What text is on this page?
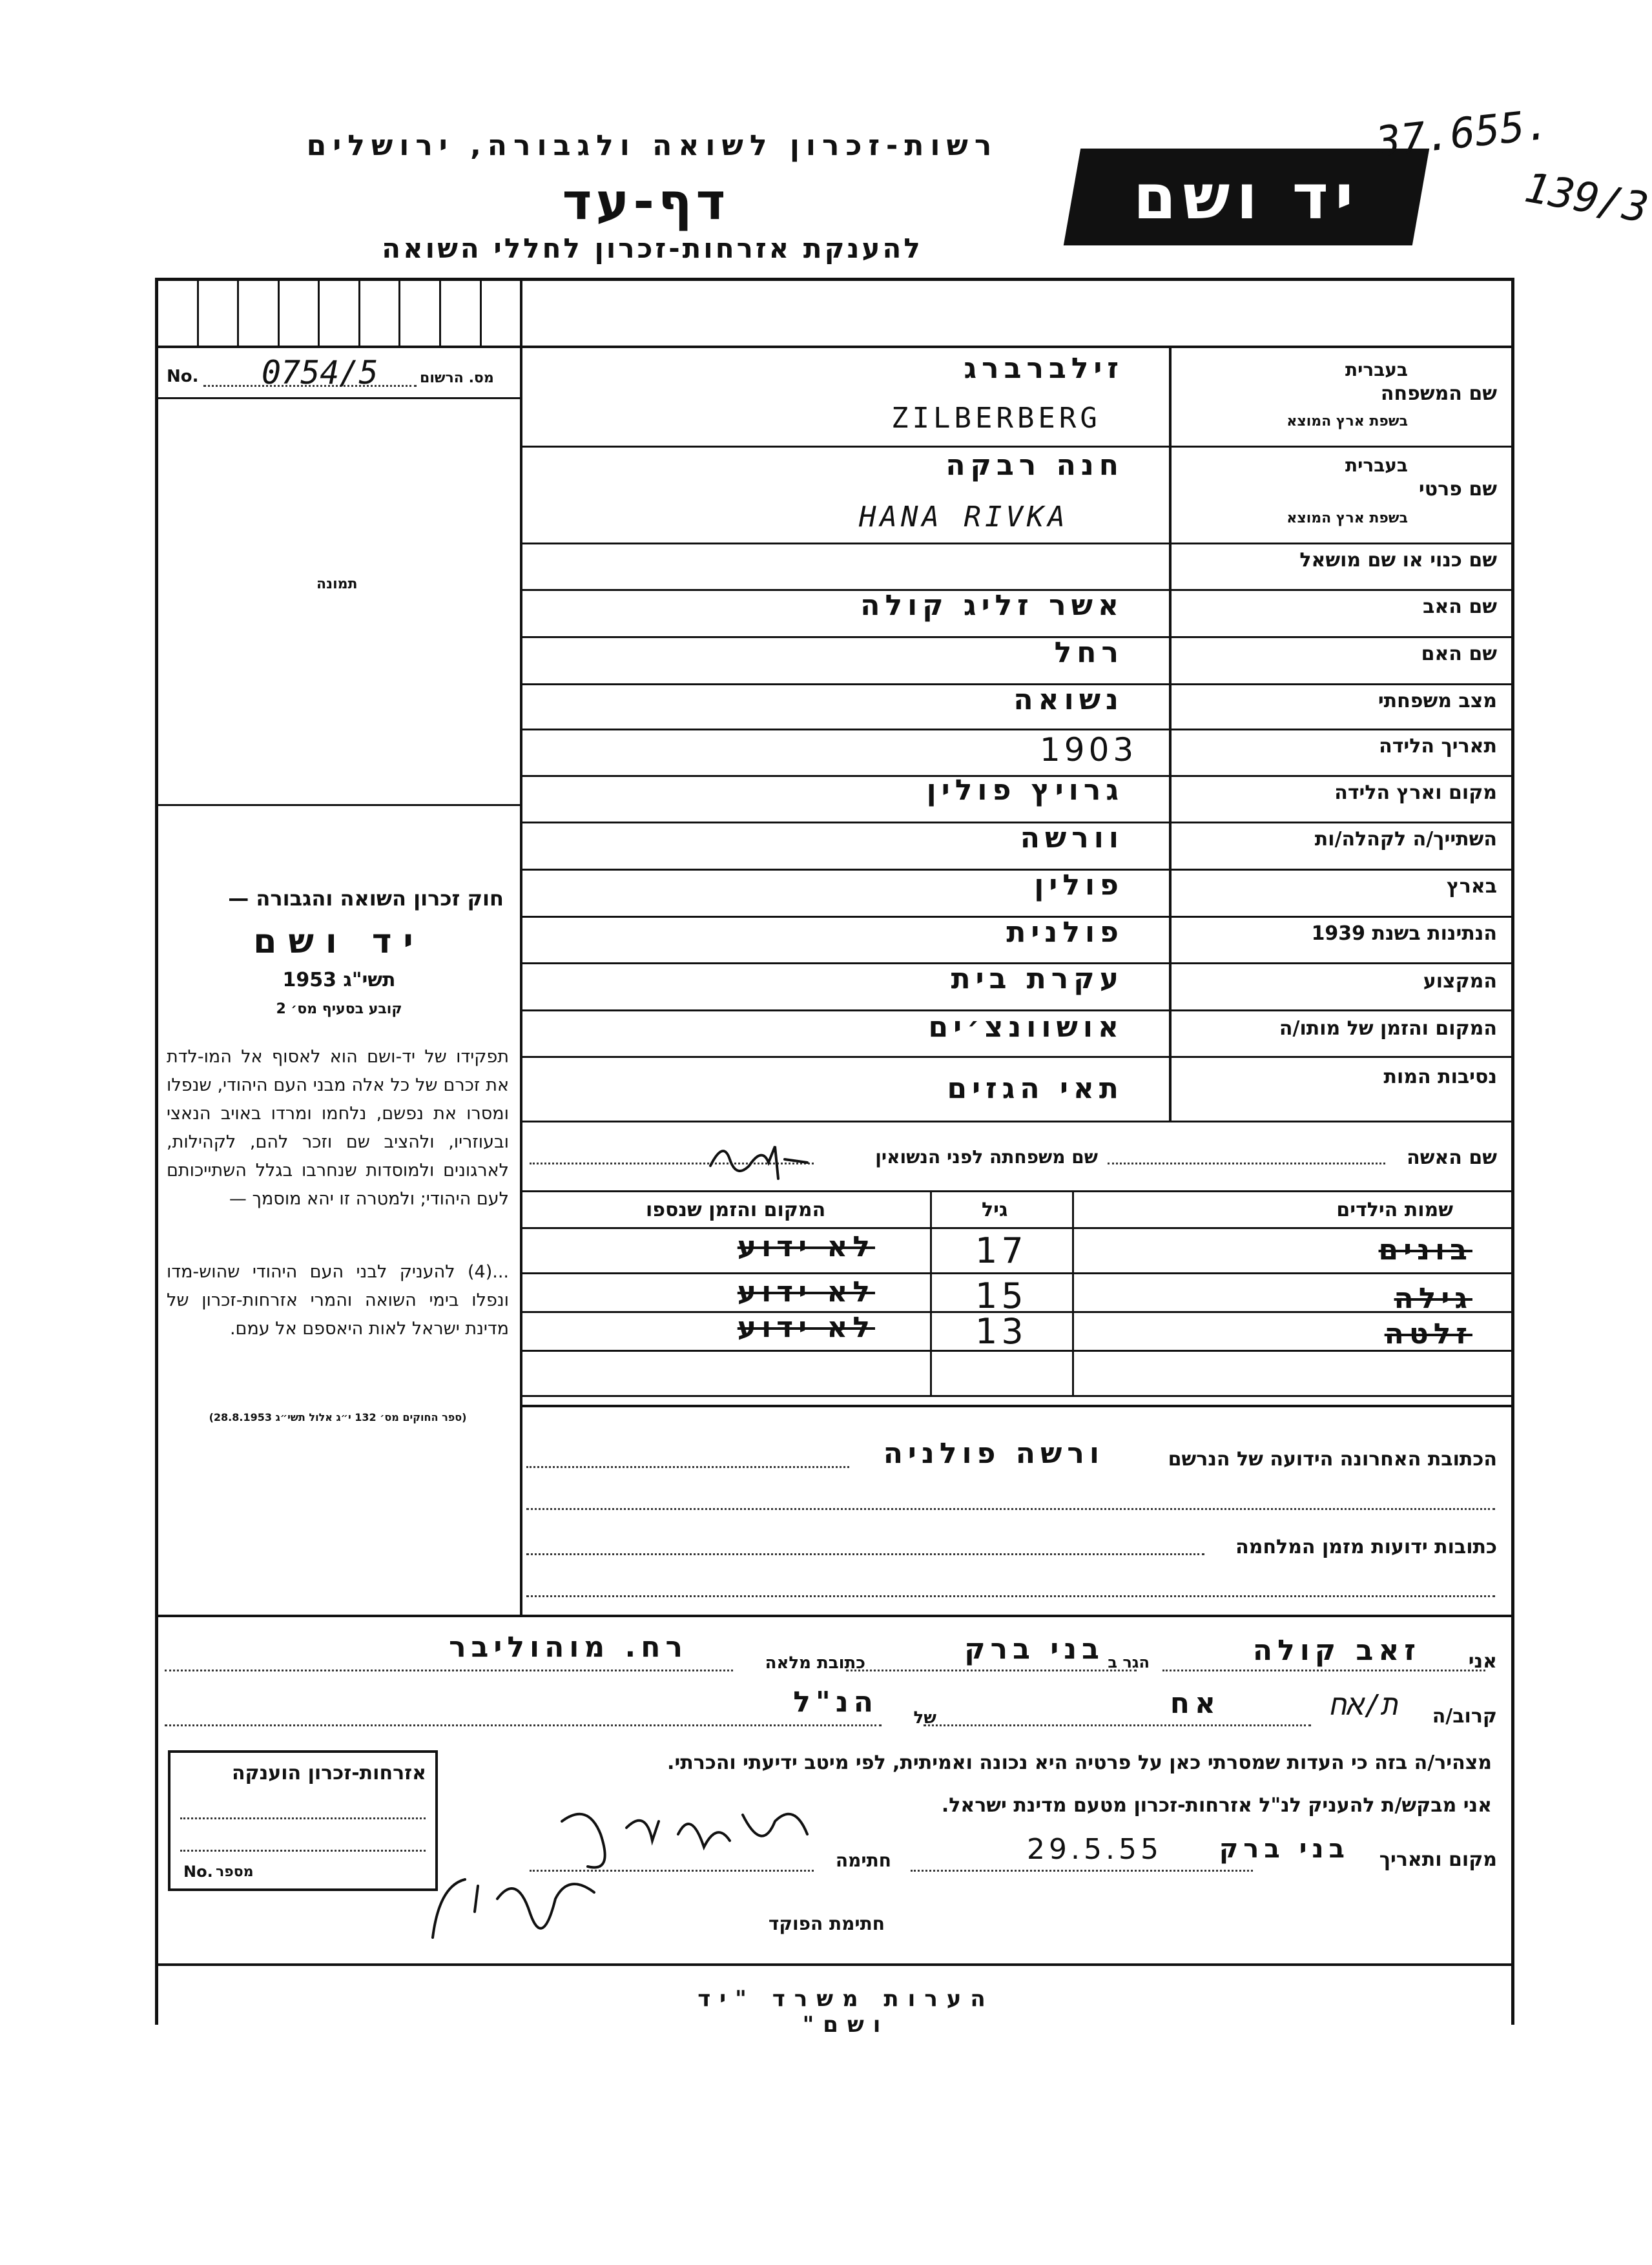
רשות-זכרון לשואה ולגבורה, ירושלים
דף-עד
להענקת אזרחות-זכרון לחללי השואה
יד ושם
37.655.
139/3
No. 0754/5	מס. הרשום
תמונה
חוק זכרון השואה והגבורה —
יד ושם
תשי"ג 1953
קובע בסעיף מס׳ 2
תפקידו של יד-ושם הוא לאסוף אל המו-לדת את זכרם של כל אלה מבני העם היהודי, שנפלו ומסרו את נפשם, נלחמו ומרדו באויב הנאצי ובעוזריו, ולהציב שם וזכר להם, לקהילות, לארגונים ולמוסדות שנחרבו בגלל השתייכותם לעם היהודי; ולמטרה זו יהא מוסמך —
...(4) להעניק לבני העם היהודי שהוש-מדו ונפלו בימי השואה והמרי אזרחות-זכרון של מדינת ישראל לאות היאספם אל עמם.
(ספר החוקים מס׳ 132 י״ג אלול תשי״ג 28.8.1953)
שם המשפחה
בעברית
בשפת ארץ המוצא
זילברברג
ZILBERBERG
שם פרטי
בעברית
בשפת ארץ המוצא
חנה רבקה
HANA RIVKA
שם כנוי או שם מושאל
שם האב
אשר זליג קולה
שם האם
רחל
מצב משפחתי
נשואה
תאריך הלידה
1903
מקום וארץ הלידה
גרויץ פולין
השתייך/ה לקהלה/ות
וורשה
בארץ
פולין
הנתינות בשנת 1939
פולנית
המקצוע
עקרת בית
המקום והזמן של מותו/ה
אושוונצ׳ים
נסיבות המות
תאי הגזים
שם האשה
שם משפחתה לפני הנשואין
שמות הילדים
גיל
המקום והזמן שנספו
בונים
17
לא ידוע
גילה
15
לא ידוע
זלטה
13
לא ידוע
הכתובת האחרונה הידועה של הנרשם
ורשה פולניה
כתובות ידועות מזמן המלחמה
אני
זאב קולה
הגר ב
בני ברק
כתובת מלאה
רח. מוהוליבר
קרוב/ה
ת/אח
אח
של
הנ"ל
מצהיר/ה בזה כי העדות שמסרתי כאן על פרטיה היא נכונה ואמיתית, לפי מיטב ידיעתי והכרתי.
אני מבקש/ת להעניק לנ"ל אזרחות-זכרון מטעם מדינת ישראל.
מקום ותאריך
בני ברק
29.5.55
חתימה
חתימת הפוקד
אזרחות-זכרון הוענקה
No. מספר
הערות משרד "יד ושם"
